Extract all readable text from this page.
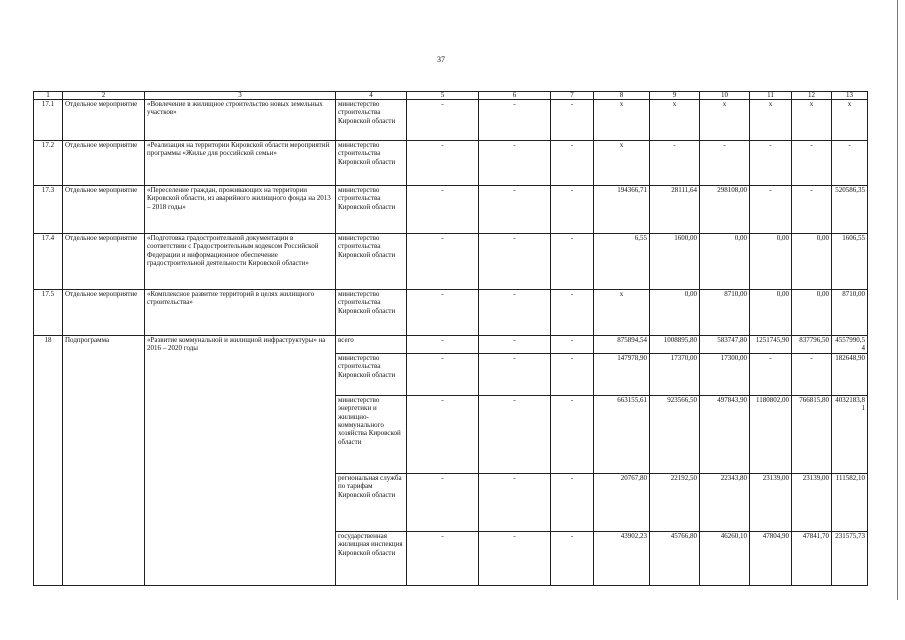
37
1	2	3	4	5	6	7	8	9	10	11	12	13
17.1	Отдельное мероприятие	«Вовлечение в жилищное строительство новых земельных участков»	министерство строительства Кировской области	-	-	-	x	x	x	x	x	x
17.2	Отдельное мероприятие	«Реализация на территории Кировской области мероприятий программы «Жилье для российской семьи»	министерство строительства Кировской области	-	-	-	x	-	-	-	-	-
17.3	Отдельное мероприятие	«Переселение граждан, проживающих на территории Кировской области, из аварийного жилищного фонда на 2013 – 2018 годы»	министерство строительства Кировской области	-	-	-	194366,71	28111,64	298108,00	-	-	520586,35
17.4	Отдельное мероприятие	«Подготовка градостроительной документации в соответствии с Градостроительным кодексом Российской Федерации и информационное обеспечение градостроительной деятельности Кировской области»	министерство строительства Кировской области	-	-	-	6,55	1600,00	0,00	0,00	0,00	1606,55
17.5	Отдельное мероприятие	«Комплексное развитие территорий в целях жилищного строительства»	министерство строительства Кировской области	-	-	-	x	0,00	8710,00	0,00	0,00	8710,00
18	Подпрограмма	«Развитие коммунальной и жилищной инфраструктуры» на 2016 – 2020 годы	всего	-	-	-	875894,54	1008895,80	583747,80	1251745,90	837796,50	4557990,54
			министерство строительства Кировской области	-	-	-	147978,90	17370,00	17300,00	-	-	182648,90
			министерство энергетики и жилищно-коммунального хозяйства Кировской области	-	-	-	663155,61	923566,50	497843,90	1180802,00	766815,80	4032183,81
			региональная служба по тарифам Кировской области	-	-	-	20767,80	22192,50	22343,80	23139,00	23139,00	111582,10
			государственная жилищная инспекция Кировской области	-	-	-	43902,23	45766,80	46260,10	47804,90	47841,70	231575,73
